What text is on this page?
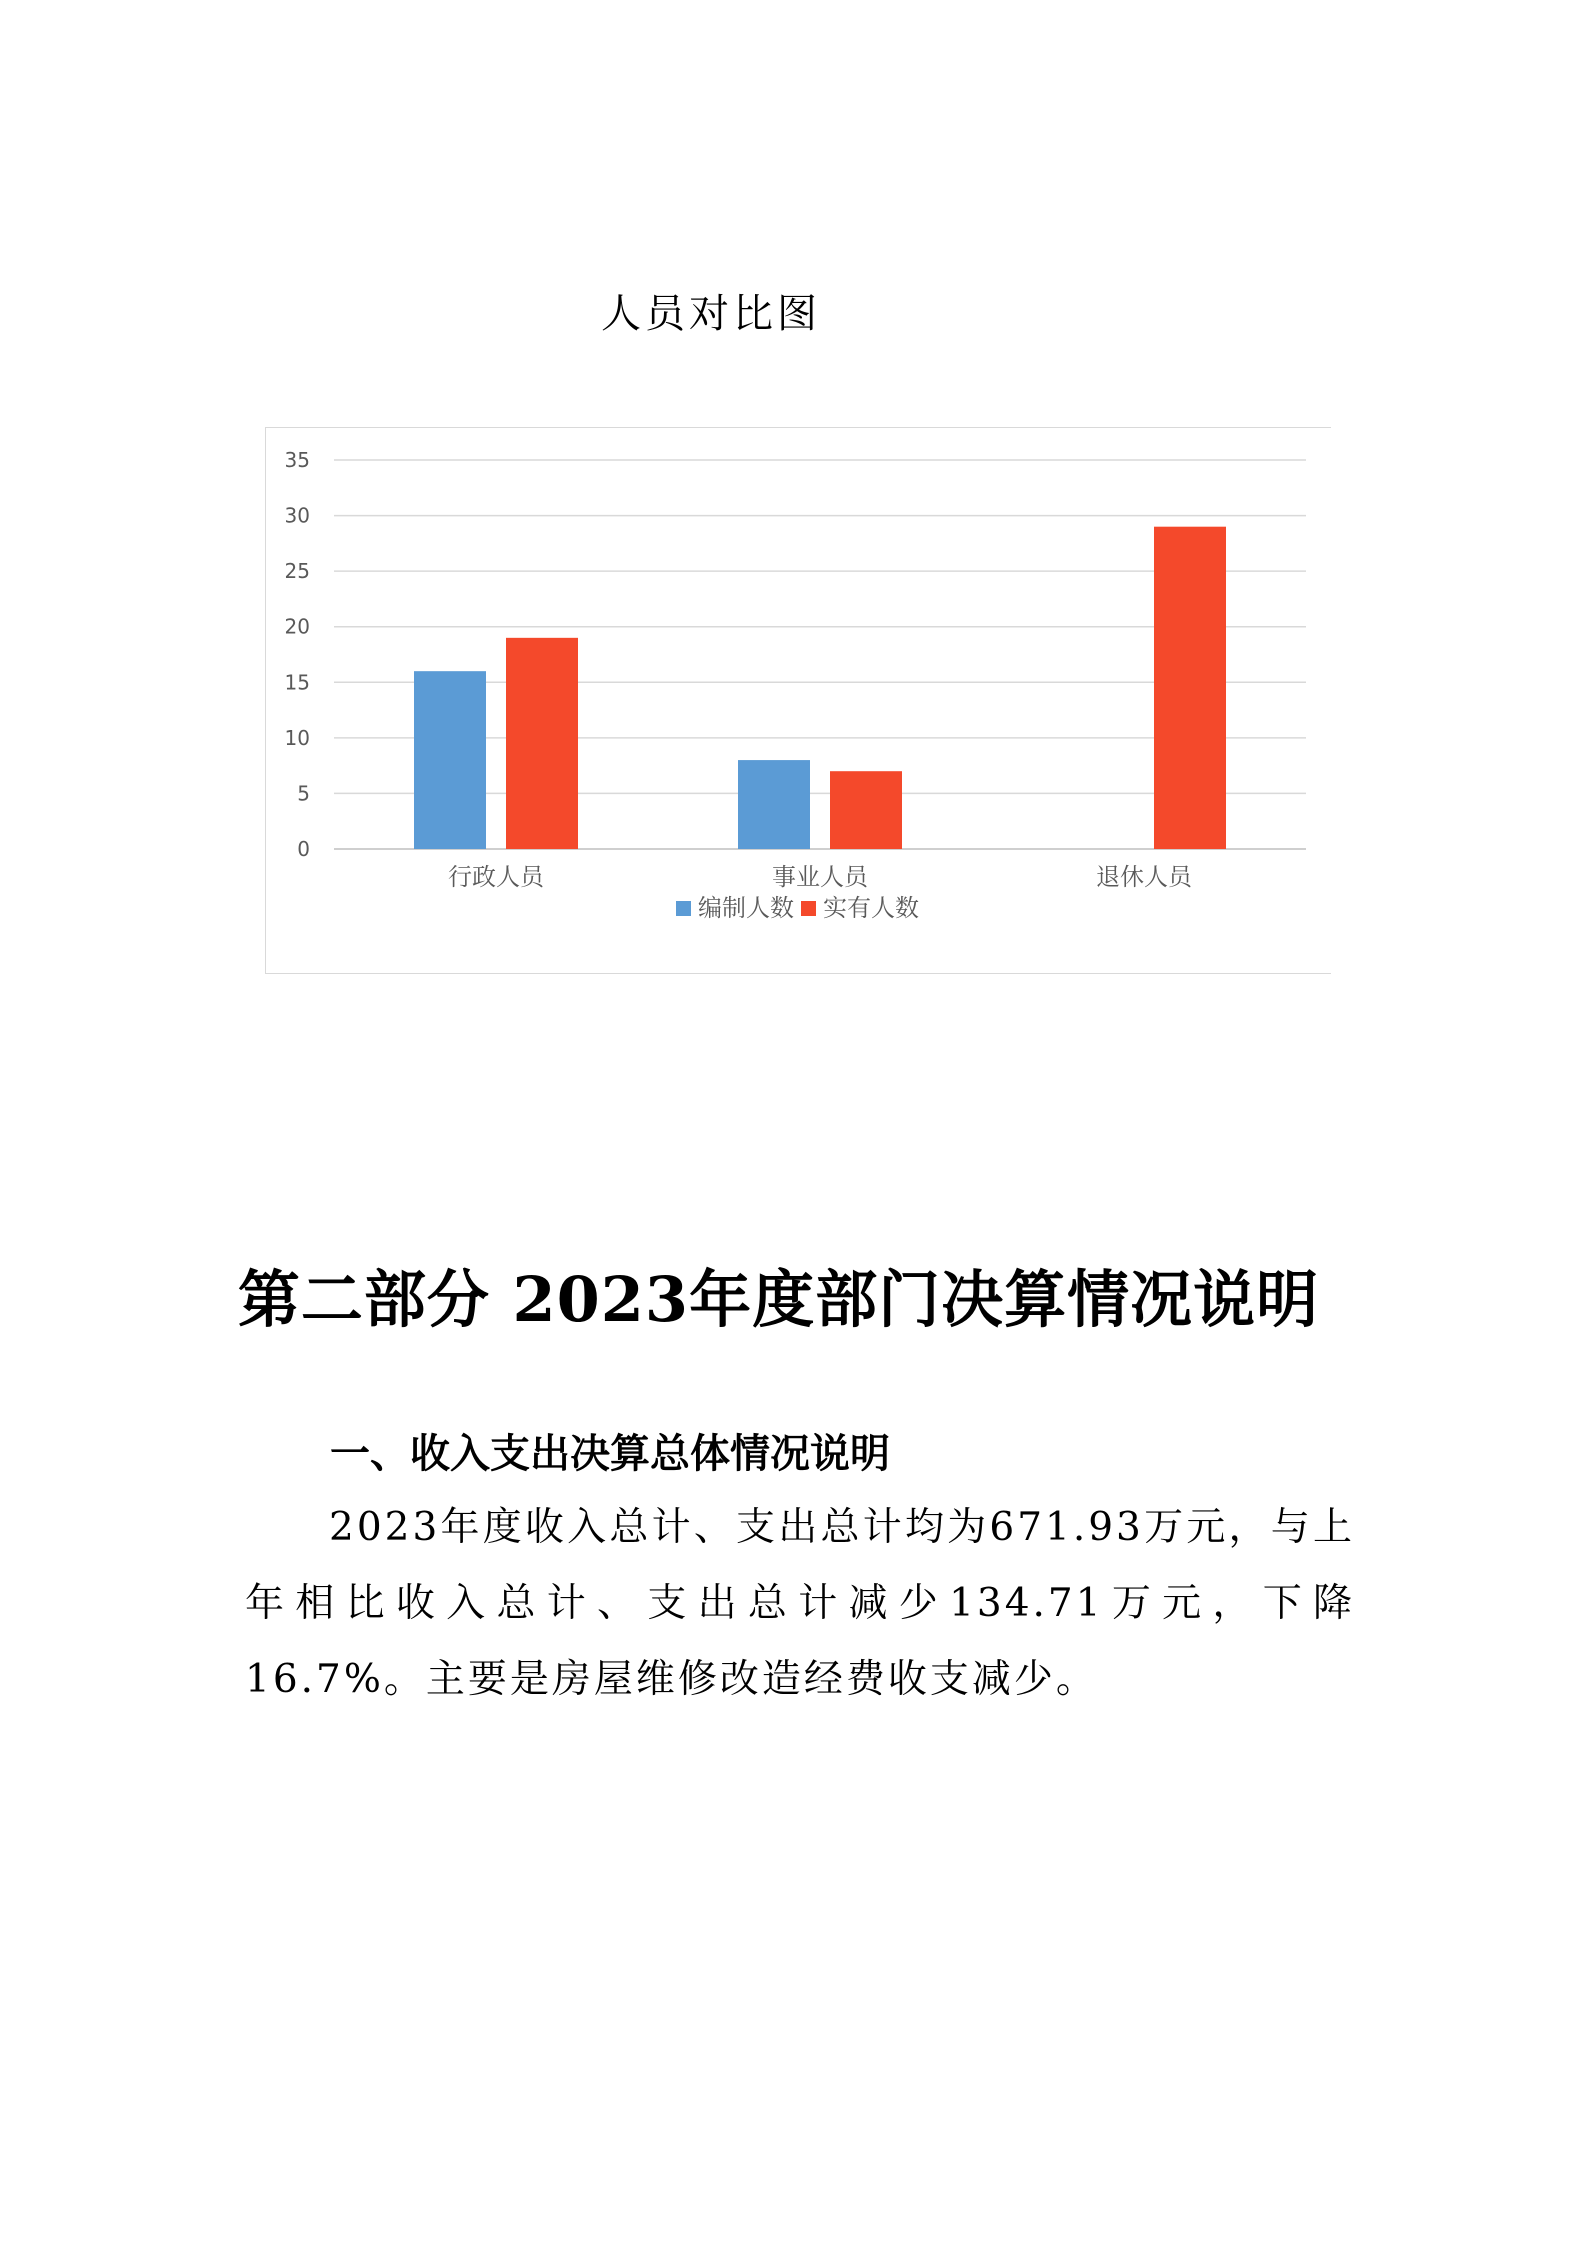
人员对比图
0
5
10
15
20
25
30
35
行政人员	事业人员	退休人员
编制人数 实有人数
第二部分 2023年度部门决算情况说明
一、收入支出决算总体情况说明
2023年度收入总计、支出总计均为671.93万元，与上年相比收入总计、支出总计减少134.71万元，下降16.7%。主要是房屋维修改造经费收支减少。
